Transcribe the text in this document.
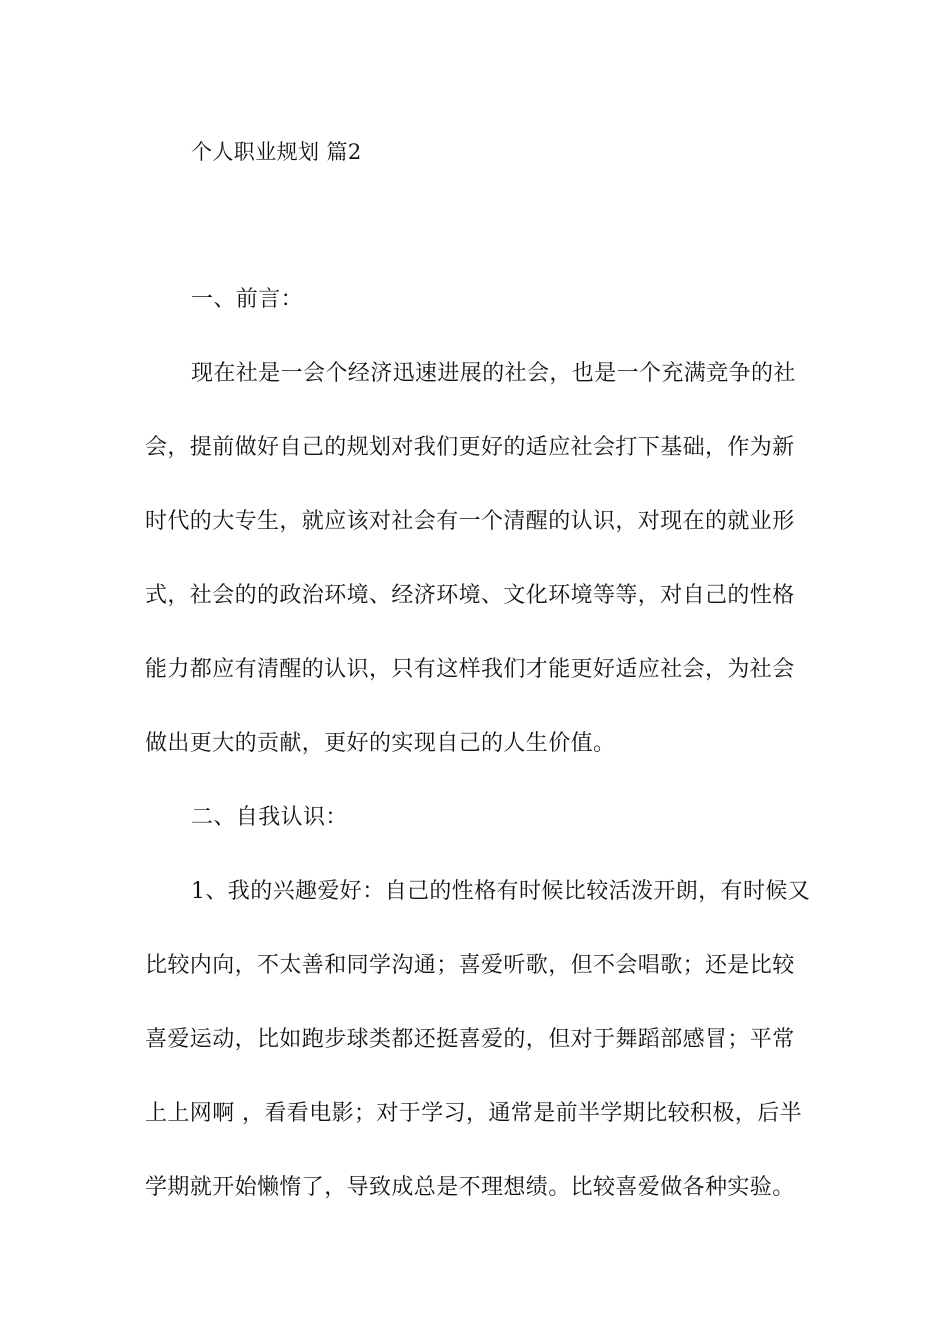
个人职业规划 篇2
一、前言：
现在社是一会个经济迅速进展的社会，也是一个充满竞争的社
会，提前做好自己的规划对我们更好的适应社会打下基础，作为新
时代的大专生，就应该对社会有一个清醒的认识，对现在的就业形
式，社会的的政治环境、经济环境、文化环境等等，对自己的性格
能力都应有清醒的认识，只有这样我们才能更好适应社会，为社会
做出更大的贡献，更好的实现自己的人生价值。
二、自我认识：
1、我的兴趣爱好：自己的性格有时候比较活泼开朗，有时候又
比较内向，不太善和同学沟通；喜爱听歌，但不会唱歌；还是比较
喜爱运动，比如跑步球类都还挺喜爱的，但对于舞蹈部感冒；平常
上上网啊 ，看看电影；对于学习，通常是前半学期比较积极，后半
学期就开始懒惰了，导致成总是不理想绩。比较喜爱做各种实验。
